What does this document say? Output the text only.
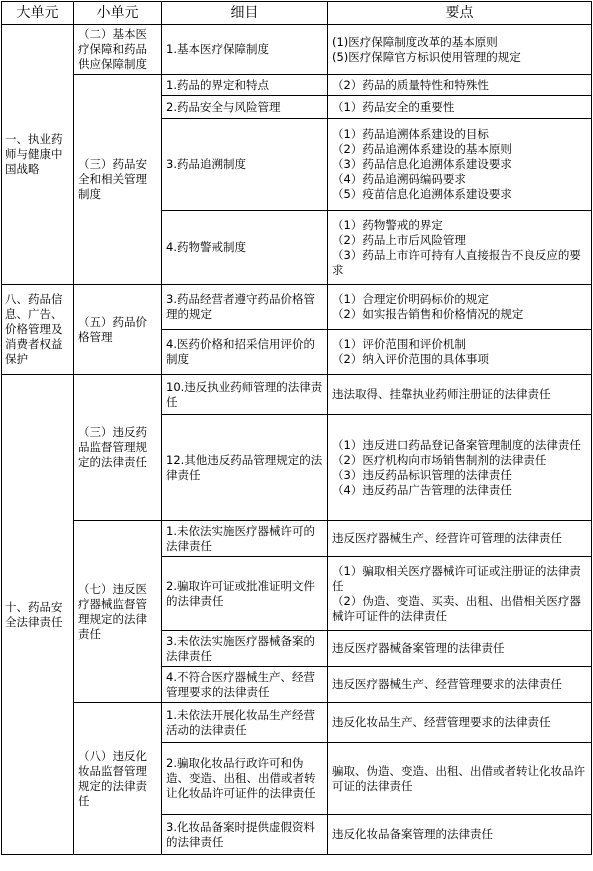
大单元	小单元	细目	要点
一、执业药师与健康中国战略	（二）基本医疗保障和药品供应保障制度	1.基本医疗保障制度	(1)医疗保障制度改革的基本原则
(5)医疗保障官方标识使用管理的规定

	（三）药品安全和相关管理制度	1.药品的界定和特点	（2）药品的质量特性和特殊性

		2.药品安全与风险管理	（1）药品安全的重要性

		3.药品追溯制度	（1）药品追溯体系建设的目标
（2）药品追溯体系建设的基本原则
（3）药品信息化追溯体系建设要求
（4）药品追溯码编码要求
（5）疫苗信息化追溯体系建设要求

		4.药物警戒制度	（1）药物警戒的界定
（2）药品上市后风险管理
（3）药品上市许可持有人直接报告不良反应的要求

八、药品信息、广告、价格管理及消费者权益保护	（五）药品价格管理	3.药品经营者遵守药品价格管理的规定	（1）合理定价明码标价的规定
（2）如实报告销售和价格情况的规定

		4.医药价格和招采信用评价的制度	（1）评价范围和评价机制
（2）纳入评价范围的具体事项

十、药品安全法律责任	（三）违反药品监督管理规定的法律责任	10.违反执业药师管理的法律责任	违法取得、挂靠执业药师注册证的法律责任

		12.其他违反药品管理规定的法律责任	（1）违反进口药品登记备案管理制度的法律责任
（2）医疗机构向市场销售制剂的法律责任
（3）违反药品标识管理的法律责任
（4）违反药品广告管理的法律责任

	（七）违反医疗器械监督管理规定的法律责任	1.未依法实施医疗器械许可的法律责任	违反医疗器械生产、经营许可管理的法律责任

		2.骗取许可证或批准证明文件的法律责任	（1）骗取相关医疗器械许可证或注册证的法律责任
（2）伪造、变造、买卖、出租、出借相关医疗器械许可证件的法律责任

		3.未依法实施医疗器械备案的法律责任	违反医疗器械备案管理的法律责任

		4.不符合医疗器械生产、经营管理要求的法律责任	违反医疗器械生产、经营管理要求的法律责任

	（八）违反化妆品监督管理规定的法律责任	1.未依法开展化妆品生产经营活动的法律责任	违反化妆品生产、经营管理要求的法律责任

		2.骗取化妆品行政许可和伪造、变造、出租、出借或者转让化妆品许可证件的法律责任	骗取、伪造、变造、出租、出借或者转让化妆品许可证的法律责任

		3.化妆品备案时提供虚假资料的法律责任	违反化妆品备案管理的法律责任
